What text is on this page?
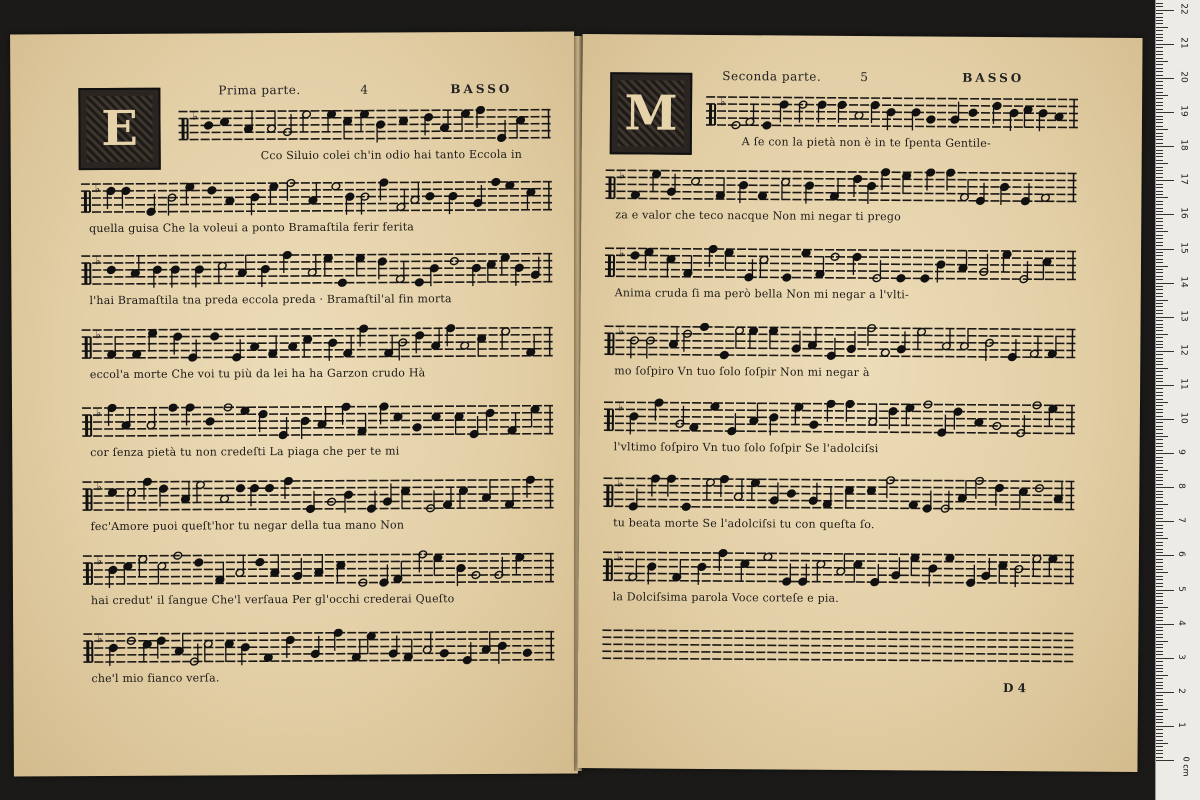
E
Prima parte.	4	BASSO
♭
Cco Siluio colei ch'in odio hai tanto Eccola in
♭
quella guisa Che la voleui a ponto Bramaſtila ferir ferita
♭
l'hai Bramaſtila tna preda eccola preda · Bramaſtil'al fin morta
♭
eccol'a morte Che voi tu più da lei ha ha Garzon crudo Hà
♭
cor ſenza pietà tu non credeſti La piaga che per te mi
♭
fec'Amore puoi queſt'hor tu negar della tua mano Non
♭
hai credut' il ſangue Che'l verſaua Per gl'occhi crederai Queſto
♭
che'l mio fianco verſa.
M
Seconda parte.	5	BASSO
♭
A ſe con la pietà non è in te ſpenta Gentile-
♭
za e valor che teco nacque Non mi negar ti prego
♭
Anima cruda ſi ma però bella Non mi negar a l'vlti-
♭
mo ſoſpiro Vn tuo ſolo ſoſpir Non mi negar à
♭
l'vltimo ſoſpiro Vn tuo ſolo ſoſpir Se l'adolciſsi
♭
tu beata morte Se l'adolciſsi tu con queſta ſo.
♭
la Dolciſsima parola Voce corteſe e pia.
D 4
1
2
3
4
5
6
7
8
9
10
11
12
13
14
15
16
17
18
19
20
21
22
0 cm
